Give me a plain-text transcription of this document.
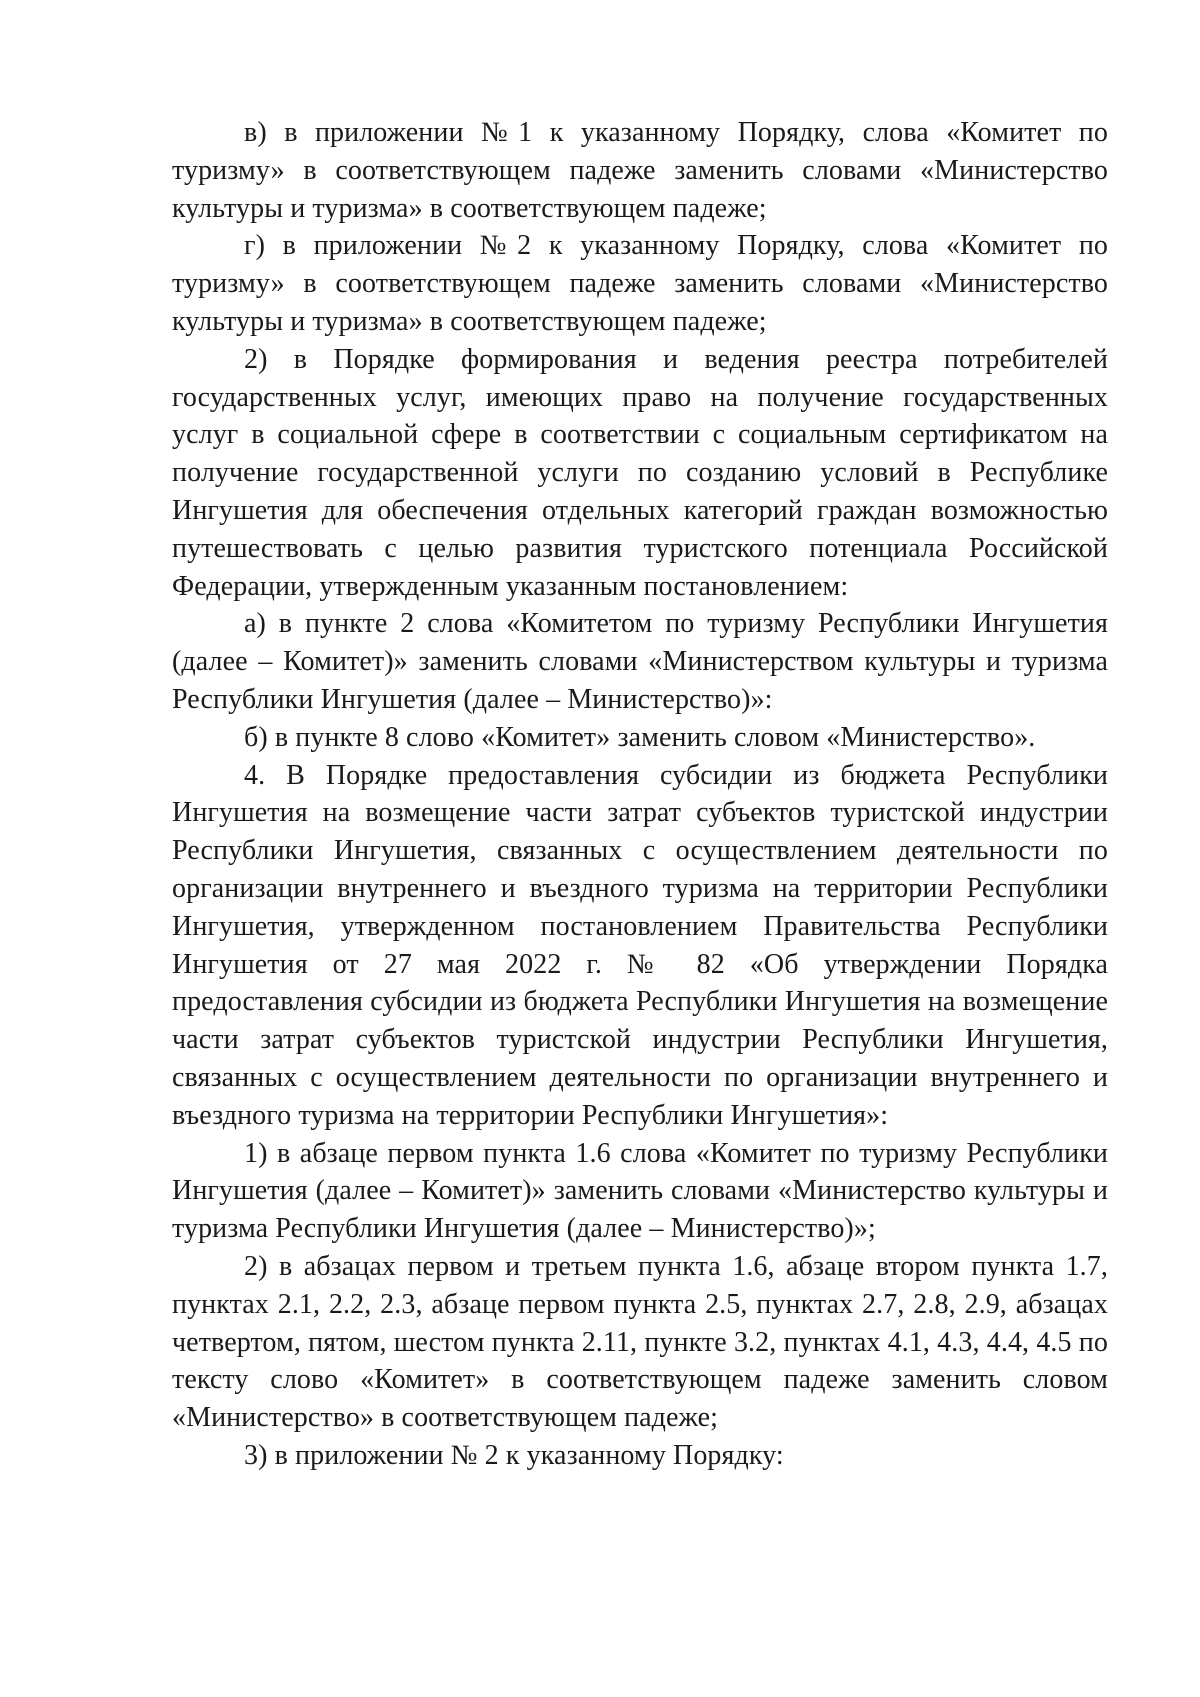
в) в приложении №1 к указанному Порядку, слова «Комитет по туризму» в соответствующем падеже заменить словами «Министерство культуры и туризма» в соответствующем падеже;

г) в приложении №2 к указанному Порядку, слова «Комитет по туризму» в соответствующем падеже заменить словами «Министерство культуры и туризма» в соответствующем падеже;

2) в Порядке формирования и ведения реестра потребителей государственных услуг, имеющих право на получение государственных услуг в социальной сфере в соответствии с социальным сертификатом на получение государственной услуги по созданию условий в Республике Ингушетия для обеспечения отдельных категорий граждан возможностью путешествовать с целью развития туристского потенциала Российской Федерации, утвержденным указанным постановлением:

а) в пункте 2 слова «Комитетом по туризму Республики Ингушетия (далее – Комитет)» заменить словами «Министерством культуры и туризма Республики Ингушетия (далее – Министерство)»:

б) в пункте 8 слово «Комитет» заменить словом «Министерство».

4. В Порядке предоставления субсидии из бюджета Республики Ингушетия на возмещение части затрат субъектов туристской индустрии Республики Ингушетия, связанных с осуществлением деятельности по организации внутреннего и въездного туризма на территории Республики Ингушетия, утвержденном постановлением Правительства Республики Ингушетия от 27 мая 2022 г. № 82 «Об утверждении Порядка предоставления субсидии из бюджета Республики Ингушетия на возмещение части затрат субъектов туристской индустрии Республики Ингушетия, связанных с осуществлением деятельности по организации внутреннего и въездного туризма на территории Республики Ингушетия»:

1) в абзаце первом пункта 1.6 слова «Комитет по туризму Республики Ингушетия (далее – Комитет)» заменить словами «Министерство культуры и туризма Республики Ингушетия (далее – Министерство)»;

2) в абзацах первом и третьем пункта 1.6, абзаце втором пункта 1.7, пунктах 2.1, 2.2, 2.3, абзаце первом пункта 2.5, пунктах 2.7, 2.8, 2.9, абзацах четвертом, пятом, шестом пункта 2.11, пункте 3.2, пунктах 4.1, 4.3, 4.4, 4.5 по тексту слово «Комитет» в соответствующем падеже заменить словом «Министерство» в соответствующем падеже;

3) в приложении № 2 к указанному Порядку:
